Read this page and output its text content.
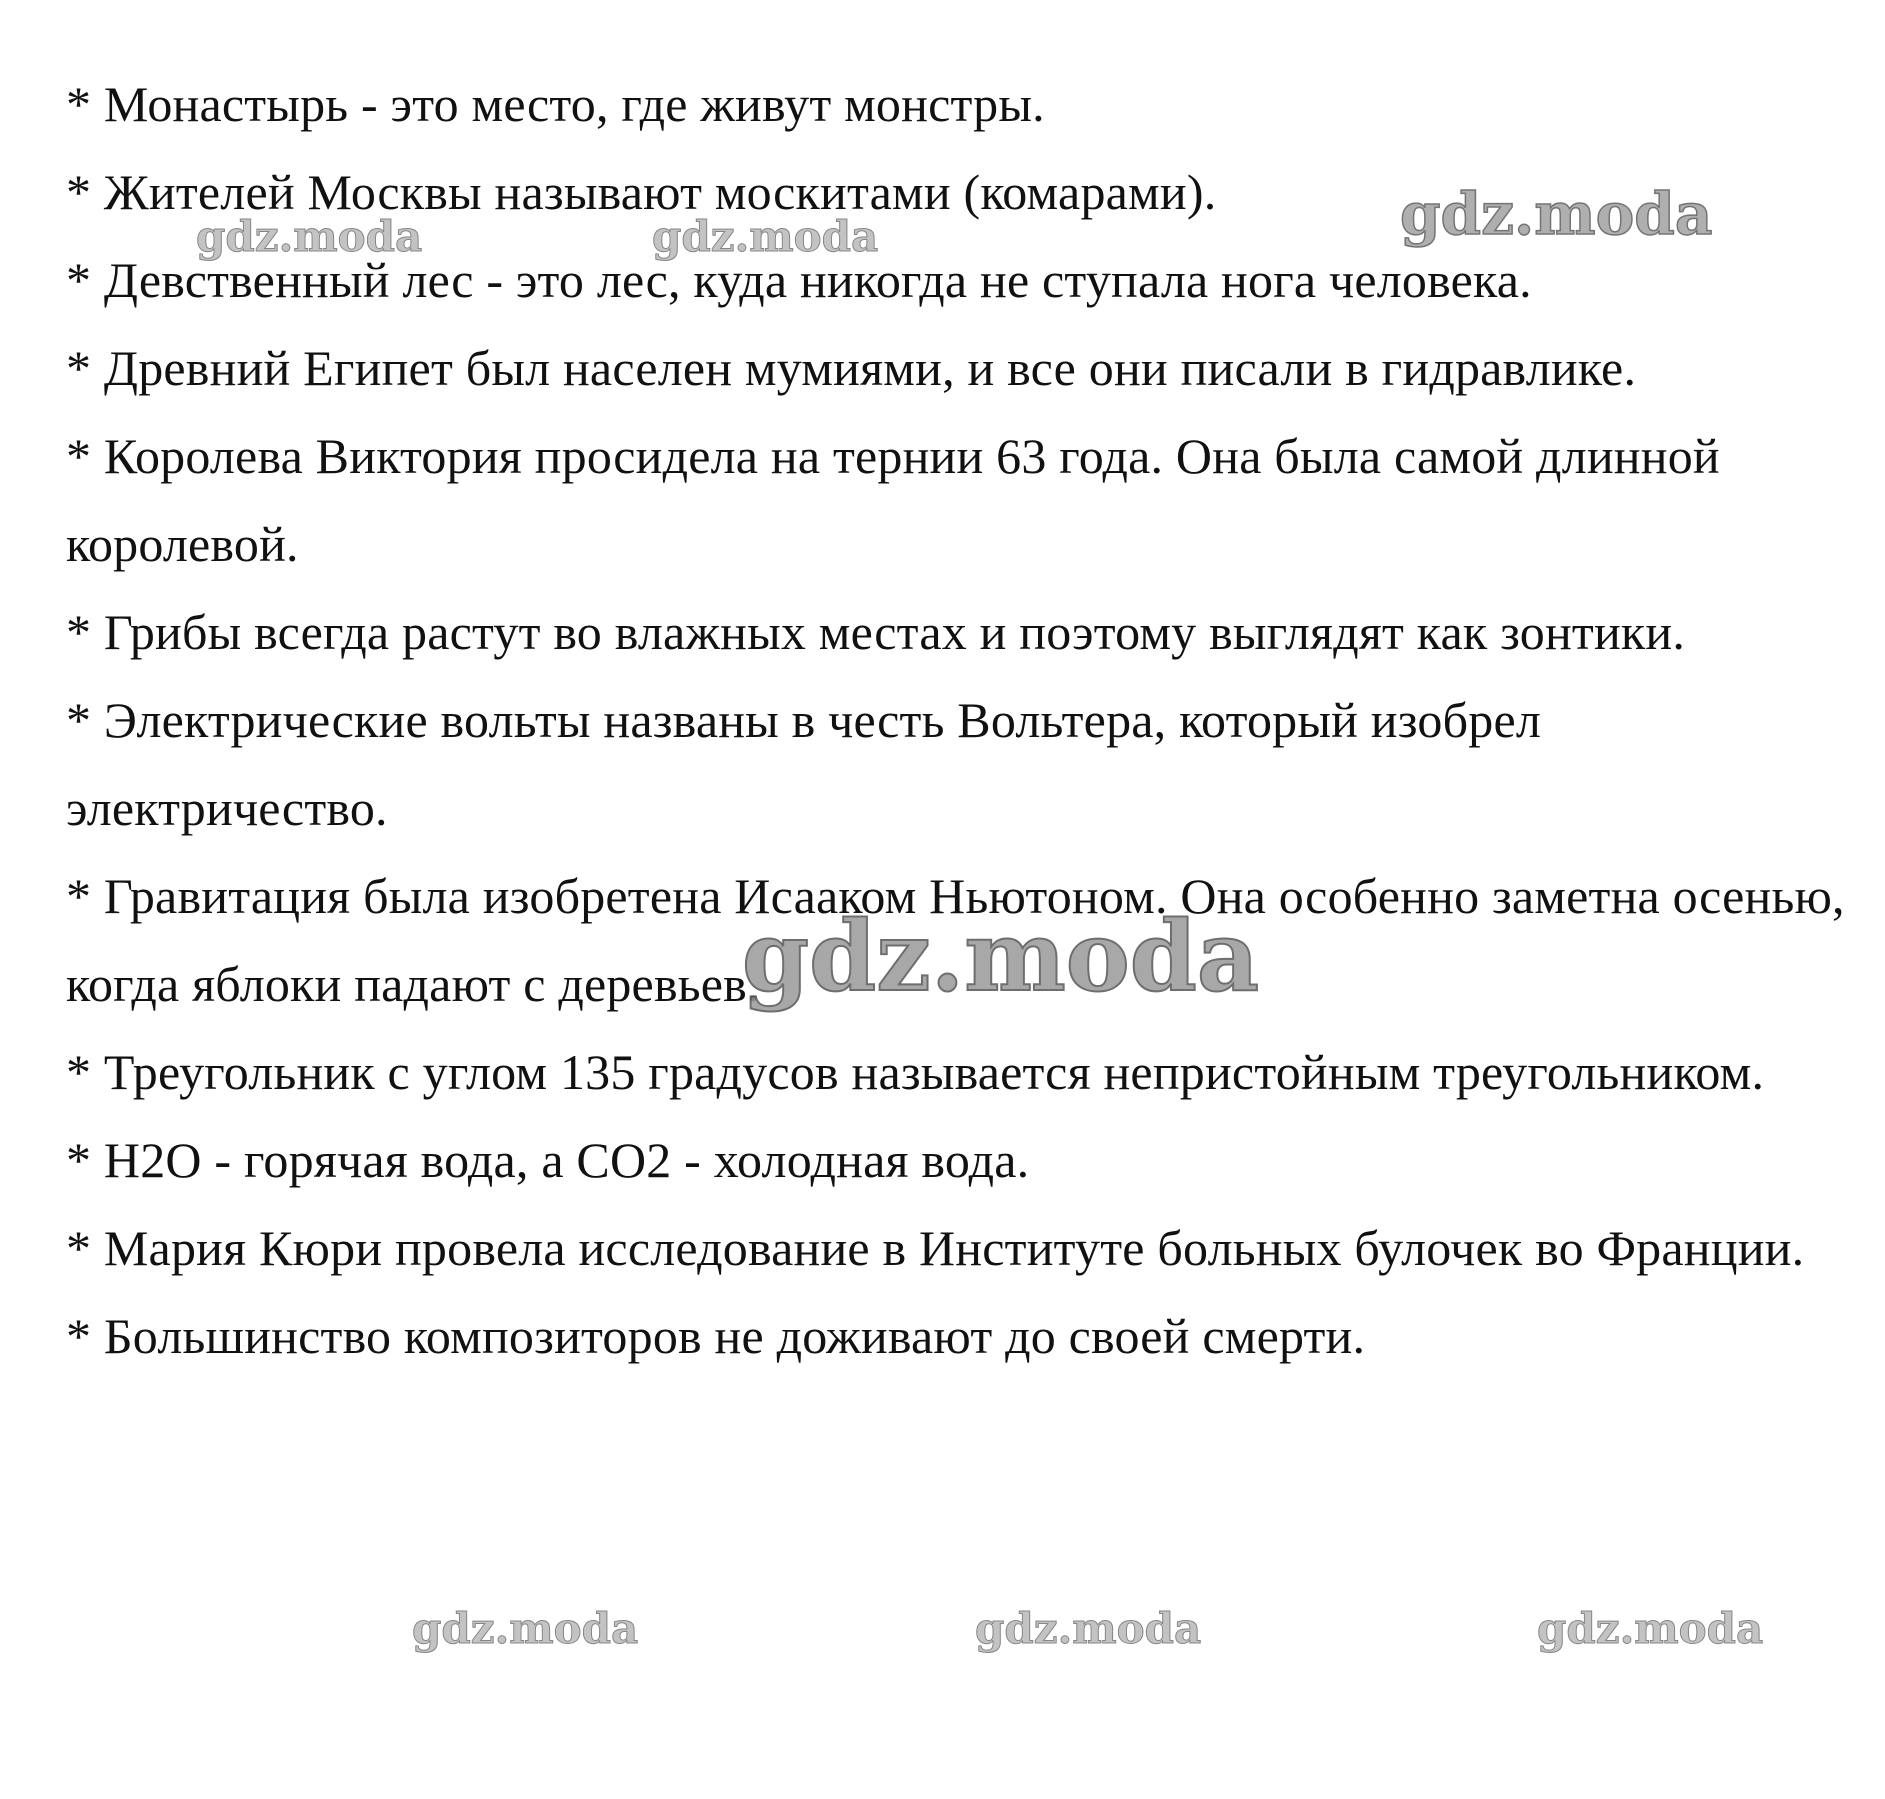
* Монастырь - это место, где живут монстры.

* Жителей Москвы называют москитами (комарами).

* Девственный лес - это лес, куда никогда не ступала нога человека.

* Древний Египет был населен мумиями, и все они писали в гидравлике.

* Королева Виктория просидела на тернии 63 года. Она была самой длинной королевой.

* Грибы всегда растут во влажных местах и поэтому выглядят как зонтики.

* Электрические вольты названы в честь Вольтера, который изобрел электричество.

* Гравитация была изобретена Исааком Ньютоном. Она особенно заметна осенью, когда яблоки падают с деревьев.

* Треугольник с углом 135 градусов называется непристойным треугольником.

* H2O - горячая вода, а CO2 - холодная вода.

* Мария Кюри провела исследование в Институте больных булочек во Франции.

* Большинство композиторов не доживают до своей смерти.

gdz.moda	gdz.moda	gdz.moda
gdz.moda
gdz.moda	gdz.moda	gdz.moda
